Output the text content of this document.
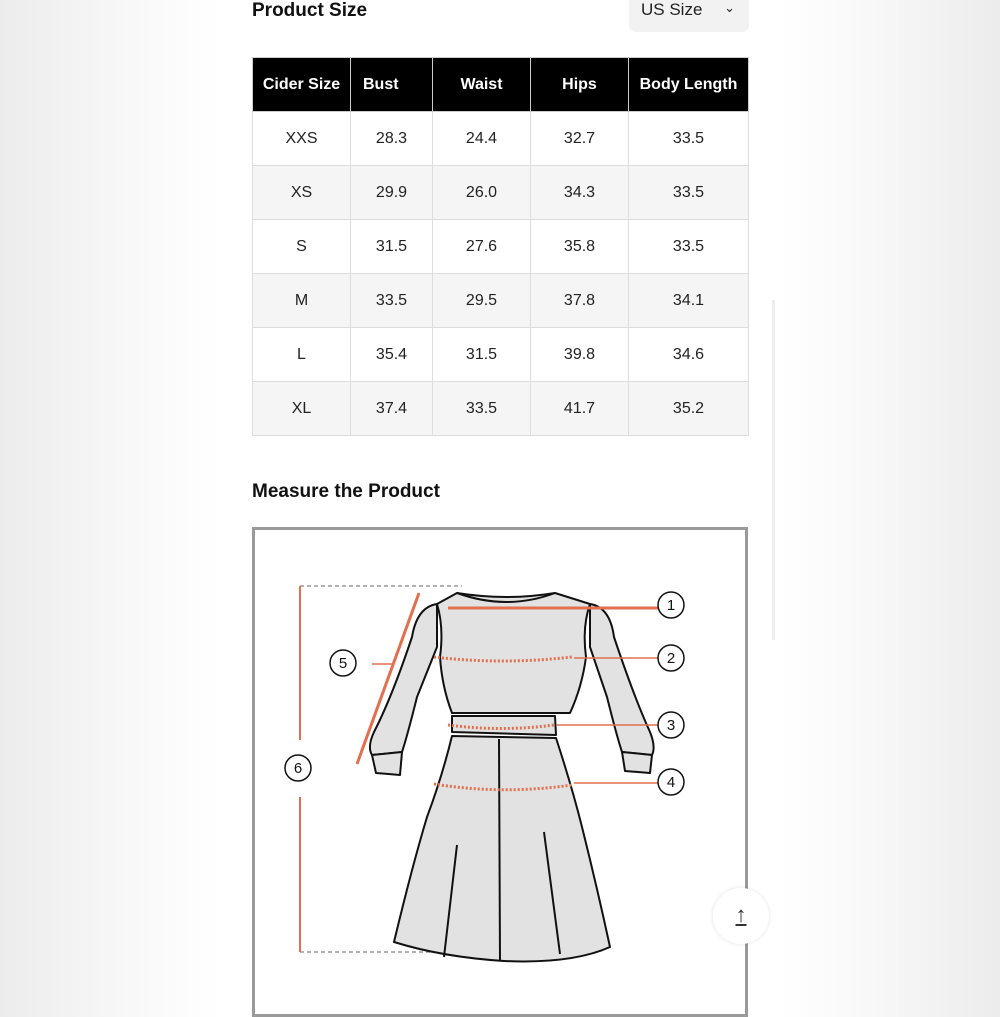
Product Size	US Size ⌄
Cider Size	Bust	Waist	Hips	Body Length
XXS	28.3	24.4	32.7	33.5
XS	29.9	26.0	34.3	33.5
S	31.5	27.6	35.8	33.5
M	33.5	29.5	37.8	34.1
L	35.4	31.5	39.8	34.6
XL	37.4	33.5	41.7	35.2
Measure the Product
1
2
3
4
5
6
↑
